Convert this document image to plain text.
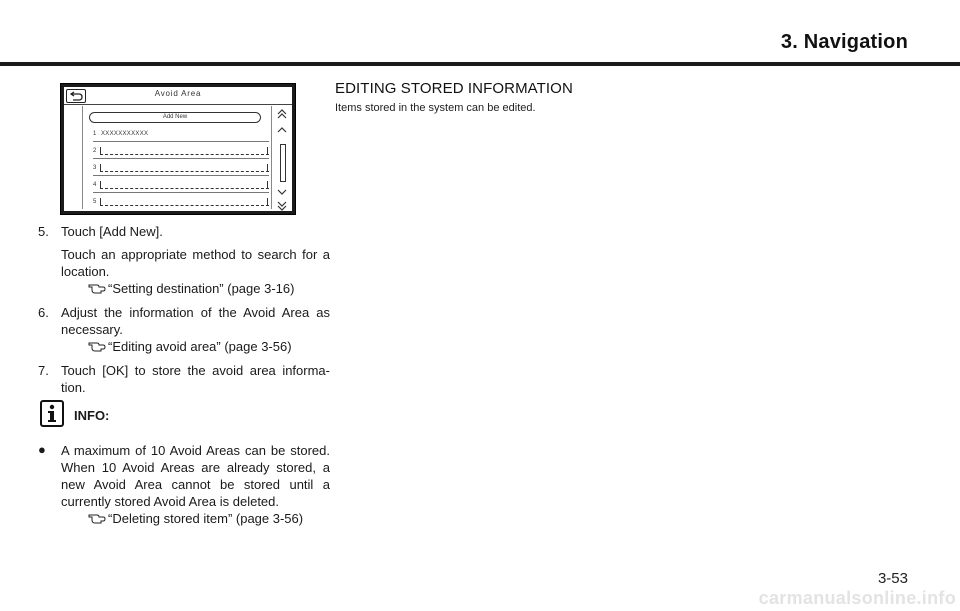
3. Navigation
Avoid Area
Add New
1 XXXXXXXXXXX
2
3
4
5
5. Touch [Add New].
Touch an appropriate method to search for a location.
“Setting destination” (page 3-16)
6. Adjust the information of the Avoid Area as necessary.
“Editing avoid area” (page 3-56)
7. Touch [OK] to store the avoid area informa- tion.
INFO:
● A maximum of 10 Avoid Areas can be stored. When 10 Avoid Areas are already stored, a new Avoid Area cannot be stored until a currently stored Avoid Area is deleted.
“Deleting stored item” (page 3-56)
EDITING STORED INFORMATION
Items stored in the system can be edited.
3-53
carmanualsonline.info
